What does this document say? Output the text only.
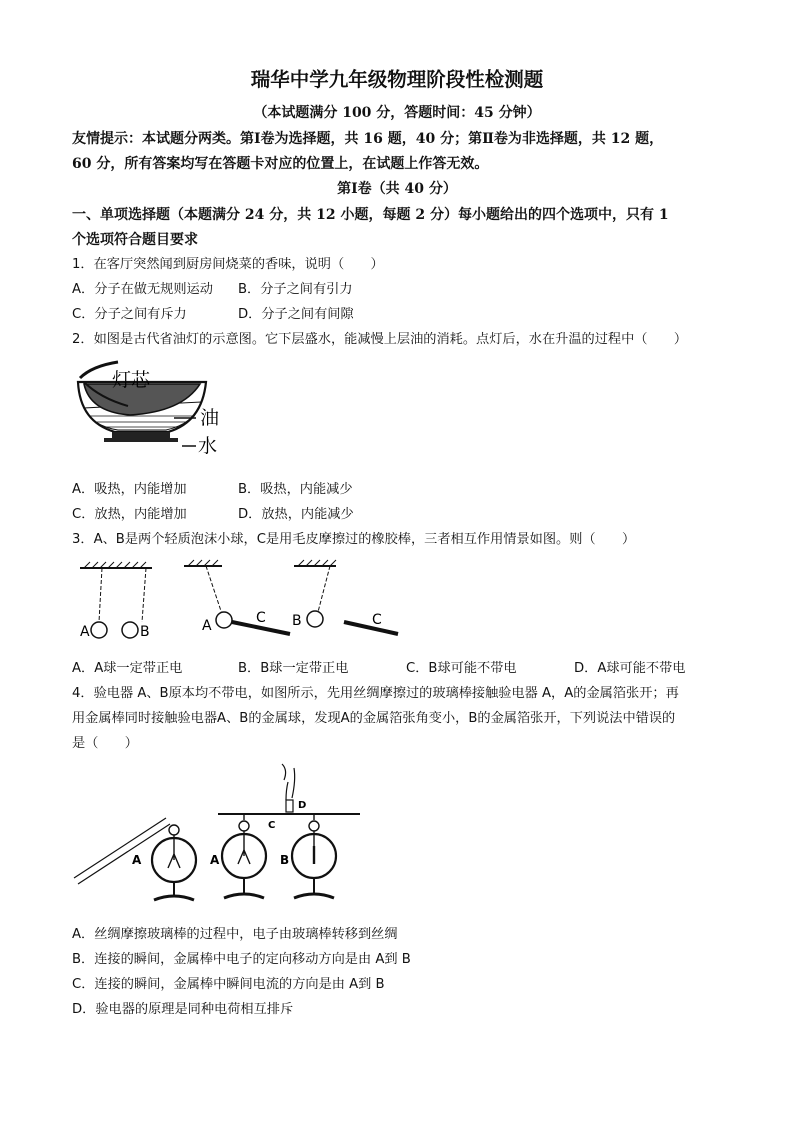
瑞华中学九年级物理阶段性检测题
（本试题满分 100 分，答题时间：45 分钟）
友情提示：本试题分两类。第Ⅰ卷为选择题，共 16 题，40 分；第Ⅱ卷为非选择题，共 12 题，
60 分，所有答案均写在答题卡对应的位置上，在试题上作答无效。
第Ⅰ卷（共 40 分）
一、单项选择题（本题满分 24 分，共 12 小题，每题 2 分）每小题给出的四个选项中，只有 1
个选项符合题目要求
1．在客厅突然闻到厨房间烧菜的香味，说明（　　）
A．分子在做无规则运动 B．分子之间有引力
C．分子之间有斥力	D．分子之间有间隙
2．如图是古代省油灯的示意图。它下层盛水，能减慢上层油的消耗。点灯后，水在升温的过程中（　　）
灯芯
油
水
A．吸热，内能增加	B．吸热，内能减少
C．放热，内能增加	D．放热，内能减少
3．A、B是两个轻质泡沫小球，C是用毛皮摩擦过的橡胶棒，三者相互作用情景如图。则（　　）
A	B	A	C B	C
A．A球一定带正电	B．B球一定带正电	C．B球可能不带电	D．A球可能不带电
4．验电器 A、B原本均不带电，如图所示，先用丝绸摩擦过的玻璃棒接触验电器 A，A的金属箔张开；再
用金属棒同时接触验电器A、B的金属球，发现A的金属箔张角变小，B的金属箔张开，下列说法中错误的
是（　　）
A
D
C
A	B
A．丝绸摩擦玻璃棒的过程中，电子由玻璃棒转移到丝绸
B．连接的瞬间，金属棒中电子的定向移动方向是由 A到 B
C．连接的瞬间，金属棒中瞬间电流的方向是由 A到 B
D．验电器的原理是同种电荷相互排斥
